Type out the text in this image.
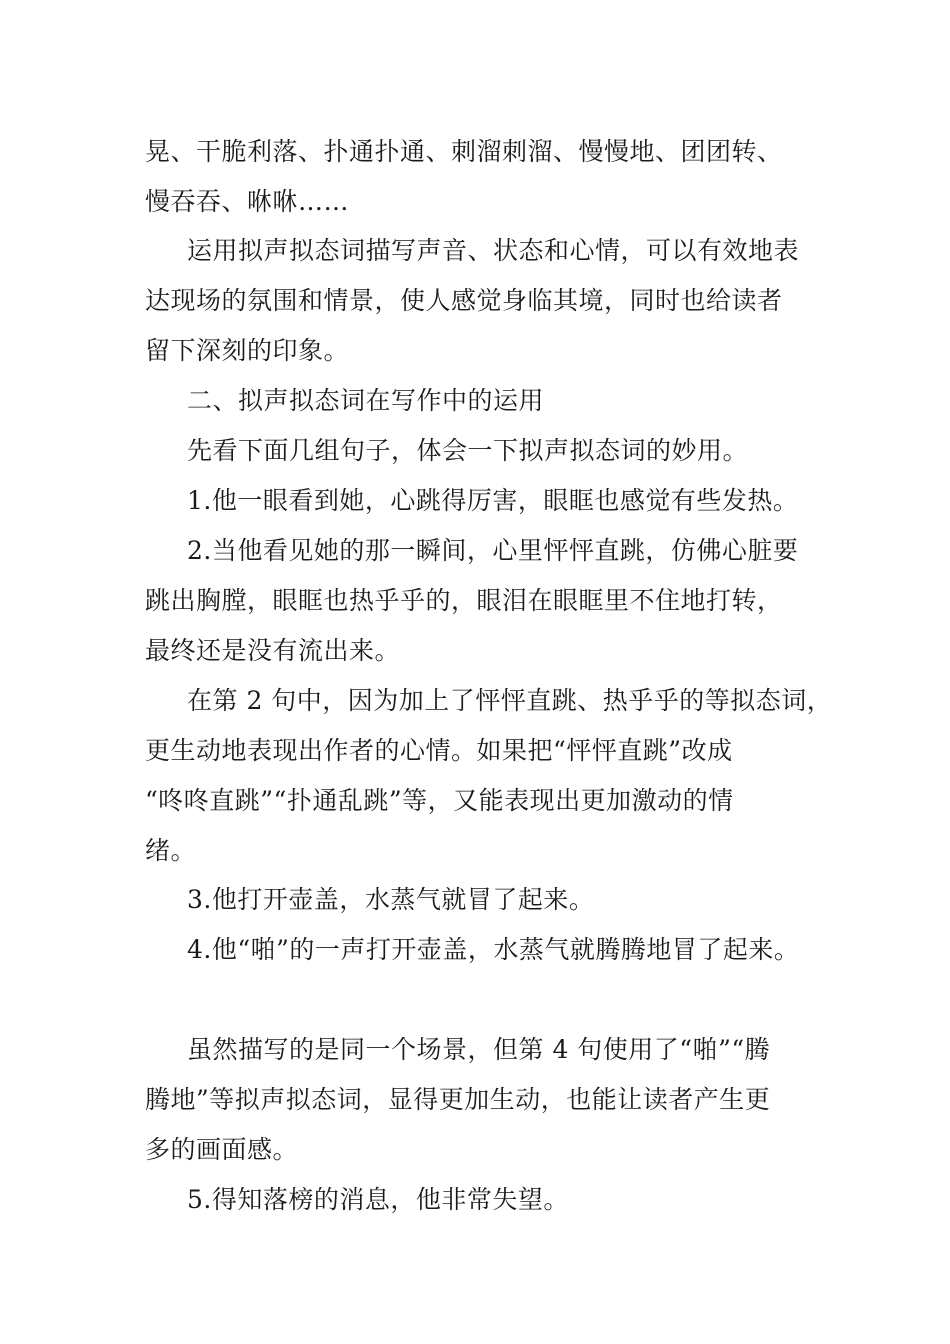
晃、干脆利落、扑通扑通、刺溜刺溜、慢慢地、团团转、
慢吞吞、咻咻……
运用拟声拟态词描写声音、状态和心情，可以有效地表
达现场的氛围和情景，使人感觉身临其境，同时也给读者
留下深刻的印象。
二、拟声拟态词在写作中的运用
先看下面几组句子，体会一下拟声拟态词的妙用。
1.他一眼看到她，心跳得厉害，眼眶也感觉有些发热。
2.当他看见她的那一瞬间，心里怦怦直跳，仿佛心脏要
跳出胸膛，眼眶也热乎乎的，眼泪在眼眶里不住地打转，
最终还是没有流出来。
在第 2 句中，因为加上了怦怦直跳、热乎乎的等拟态词，
更生动地表现出作者的心情。如果把“怦怦直跳”改成
“咚咚直跳”“扑通乱跳”等，又能表现出更加激动的情
绪。
3.他打开壶盖，水蒸气就冒了起来。
4.他“啪”的一声打开壶盖，水蒸气就腾腾地冒了起来。
虽然描写的是同一个场景，但第 4 句使用了“啪”“腾
腾地”等拟声拟态词，显得更加生动，也能让读者产生更
多的画面感。
5.得知落榜的消息，他非常失望。
